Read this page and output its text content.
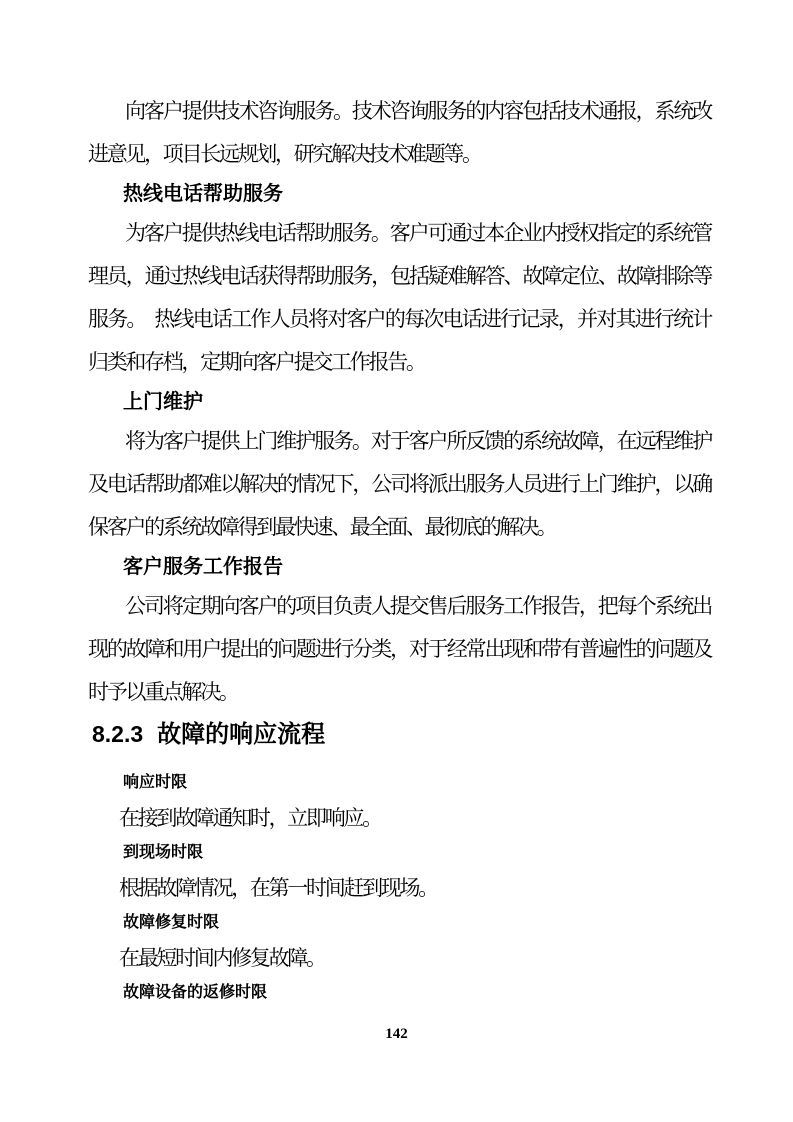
向客户提供技术咨询服务。技术咨询服务的内容包括技术通报，系统改进意见，项目长远规划，研究解决技术难题等。

热线电话帮助服务

为客户提供热线电话帮助服务。客户可通过本企业内授权指定的系统管理员，通过热线电话获得帮助服务，包括疑难解答、故障定位、故障排除等服务。　热线电话工作人员将对客户的每次电话进行记录，并对其进行统计归类和存档，定期向客户提交工作报告。

上门维护

将为客户提供上门维护服务。对于客户所反馈的系统故障，在远程维护及电话帮助都难以解决的情况下，公司将派出服务人员进行上门维护，以确保客户的系统故障得到最快速、最全面、最彻底的解决。

客户服务工作报告

公司将定期向客户的项目负责人提交售后服务工作报告，把每个系统出现的故障和用户提出的问题进行分类，对于经常出现和带有普遍性的问题及时予以重点解决。

8.2.3 故障的响应流程

响应时限

在接到故障通知时，立即响应。

到现场时限

根据故障情况，在第一时间赶到现场。

故障修复时限

在最短时间内修复故障。

故障设备的返修时限

142
